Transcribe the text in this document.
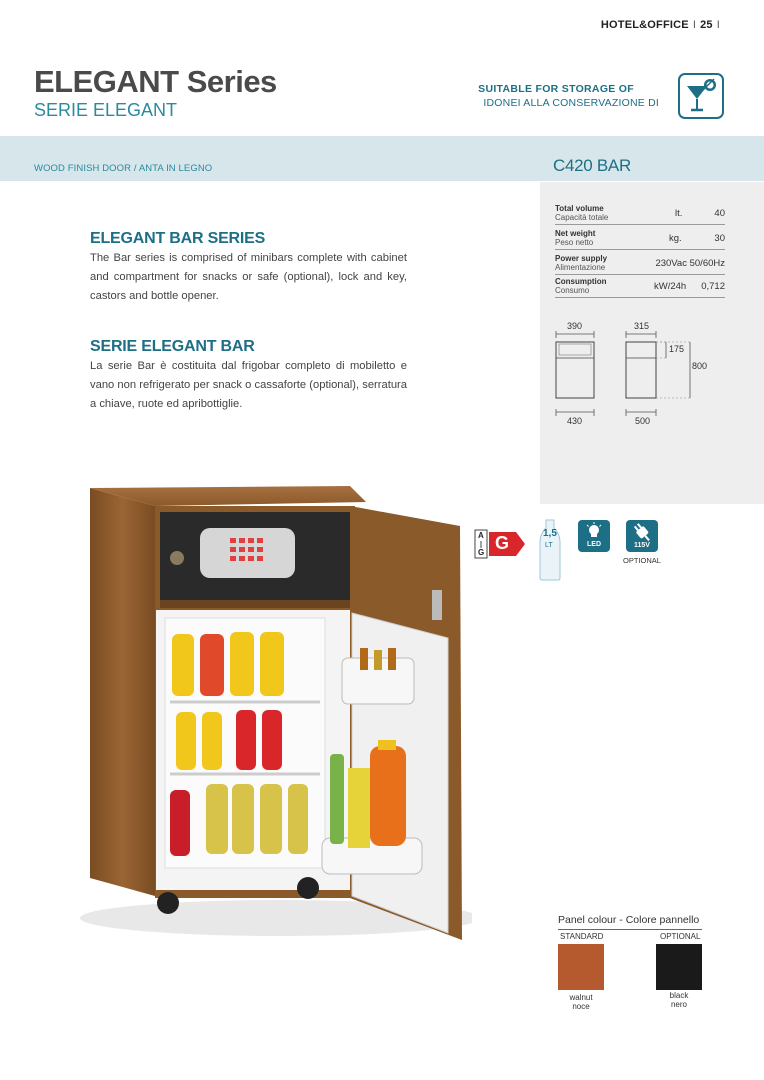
HOTEL&OFFICE I 25 I
ELEGANT Series
SERIE ELEGANT
SUITABLE FOR STORAGE OF
IDONEI ALLA CONSERVAZIONE DI
WOOD FINISH DOOR / ANTA IN LEGNO	C420 BAR
Total volume
Capacità totale	lt.	40
Net weight
Peso netto	kg.	30
Power supply
Alimentazione	230Vac 50/60Hz
Consumption
Consumo	kW/24h 0,712
390	315
175
800
430	500
ELEGANT BAR SERIES
The Bar series is comprised of minibars complete with cabinet and compartment for snacks or safe (optional), lock and key, castors and bottle opener.
SERIE ELEGANT BAR
La serie Bar è costituita dal frigobar completo di mobiletto e vano non refrigerato per snack o cassaforte (optional), serratura a chiave, ruote ed apribottiglie.
A
G G	1,5
LT	LED	115V
OPTIONAL
Panel colour - Colore pannello
STANDARD	OPTIONAL
walnut
noce
black
nero
